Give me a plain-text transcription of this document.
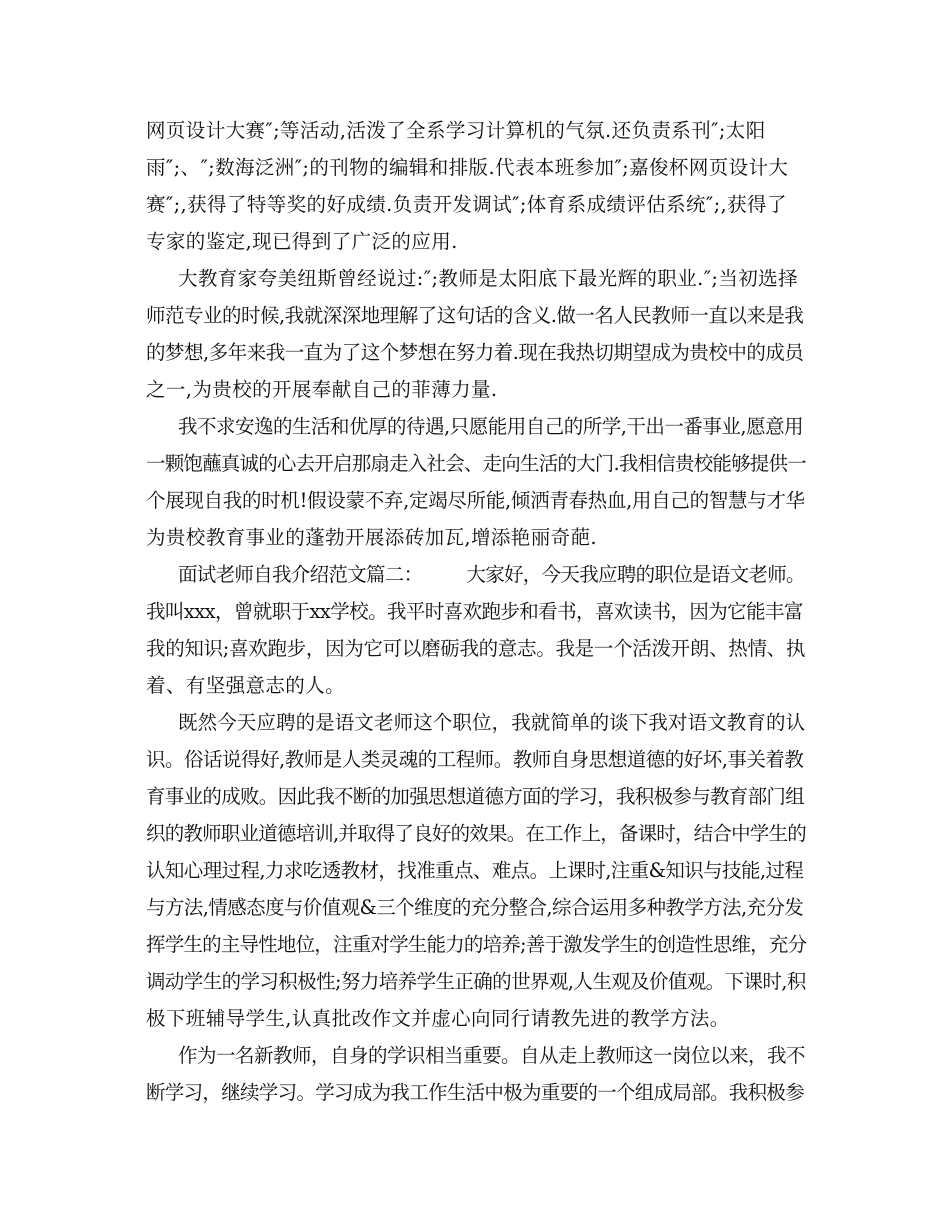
网页设计大赛″;等活动,活泼了全系学习计算机的气氛.还负责系刊″;太阳
雨″;、″;数海泛洲″;的刊物的编辑和排版.代表本班参加″;嘉俊杯网页设计大
赛″;,获得了特等奖的好成绩.负责开发调试″;体育系成绩评估系统″;,获得了
专家的鉴定,现已得到了广泛的应用.
大教育家夸美纽斯曾经说过:″;教师是太阳底下最光辉的职业.″;当初选择
师范专业的时候,我就深深地理解了这句话的含义.做一名人民教师一直以来是我
的梦想,多年来我一直为了这个梦想在努力着.现在我热切期望成为贵校中的成员
之一,为贵校的开展奉献自己的菲薄力量.
我不求安逸的生活和优厚的待遇,只愿能用自己的所学,干出一番事业,愿意用
一颗饱蘸真诚的心去开启那扇走入社会、走向生活的大门.我相信贵校能够提供一
个展现自我的时机!假设蒙不弃,定竭尽所能,倾洒青春热血,用自己的智慧与才华
为贵校教育事业的蓬勃开展添砖加瓦,增添艳丽奇葩.
面试老师自我介绍范文篇二：        大家好，今天我应聘的职位是语文老师。
我叫xxx，曾就职于xx学校。我平时喜欢跑步和看书，喜欢读书，因为它能丰富
我的知识;喜欢跑步，因为它可以磨砺我的意志。我是一个活泼开朗、热情、执
着、有坚强意志的人。
既然今天应聘的是语文老师这个职位，我就简单的谈下我对语文教育的认
识。俗话说得好,教师是人类灵魂的工程师。教师自身思想道德的好坏,事关着教
育事业的成败。因此我不断的加强思想道德方面的学习，我积极参与教育部门组
织的教师职业道德培训,并取得了良好的效果。在工作上，备课时，结合中学生的
认知心理过程,力求吃透教材，找准重点、难点。上课时,注重&知识与技能,过程
与方法,情感态度与价值观&三个维度的充分整合,综合运用多种教学方法,充分发
挥学生的主导性地位，注重对学生能力的培养;善于激发学生的创造性思维，充分
调动学生的学习积极性;努力培养学生正确的世界观,人生观及价值观。下课时,积
极下班辅导学生,认真批改作文并虚心向同行请教先进的教学方法。
作为一名新教师，自身的学识相当重要。自从走上教师这一岗位以来，我不
断学习，继续学习。学习成为我工作生活中极为重要的一个组成局部。我积极参
